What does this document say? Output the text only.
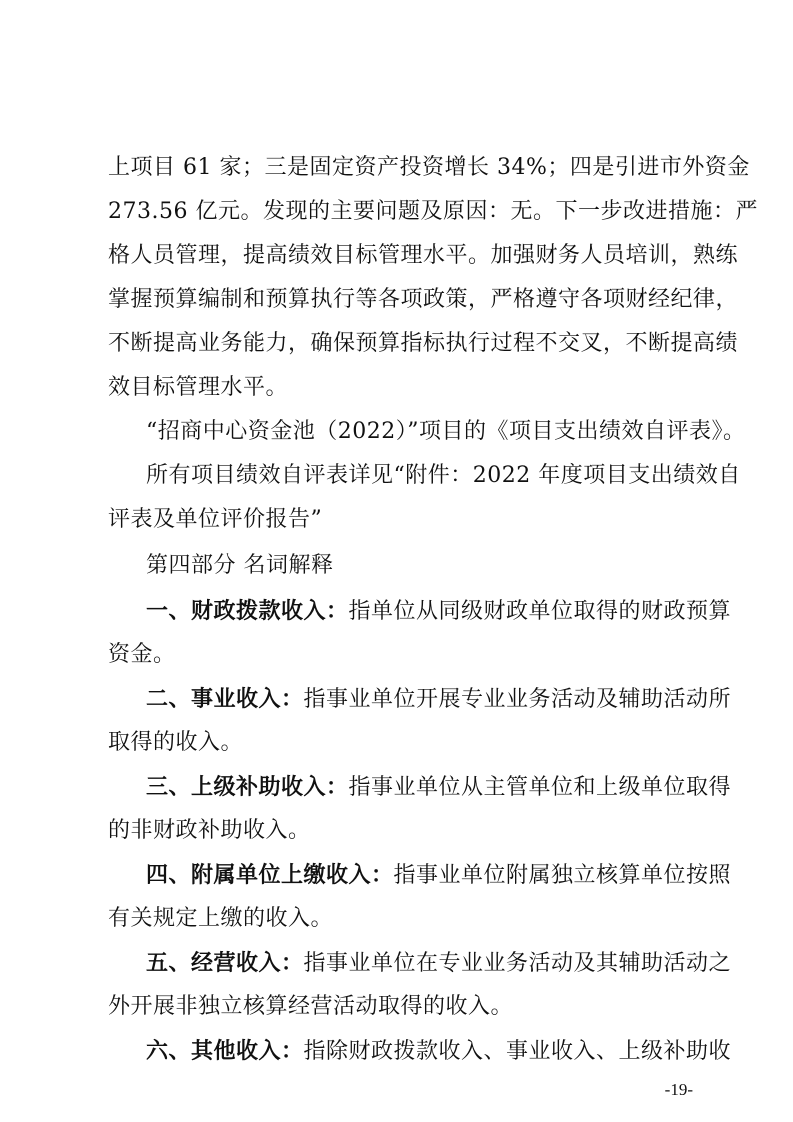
上项目 61 家；三是固定资产投资增长 34%；四是引进市外资金
273.56 亿元。发现的主要问题及原因：无。下一步改进措施：严
格人员管理，提高绩效目标管理水平。加强财务人员培训，熟练
掌握预算编制和预算执行等各项政策，严格遵守各项财经纪律，
不断提高业务能力，确保预算指标执行过程不交叉，不断提高绩
效目标管理水平。
“招商中心资金池（2022）”项目的《项目支出绩效自评表》。
所有项目绩效自评表详见“附件：2022 年度项目支出绩效自
评表及单位评价报告”
第四部分 名词解释
一、财政拨款收入：指单位从同级财政单位取得的财政预算
资金。
二、事业收入：指事业单位开展专业业务活动及辅助活动所
取得的收入。
三、上级补助收入：指事业单位从主管单位和上级单位取得
的非财政补助收入。
四、附属单位上缴收入：指事业单位附属独立核算单位按照
有关规定上缴的收入。
五、经营收入：指事业单位在专业业务活动及其辅助活动之
外开展非独立核算经营活动取得的收入。
六、其他收入：指除财政拨款收入、事业收入、上级补助收
-19-
